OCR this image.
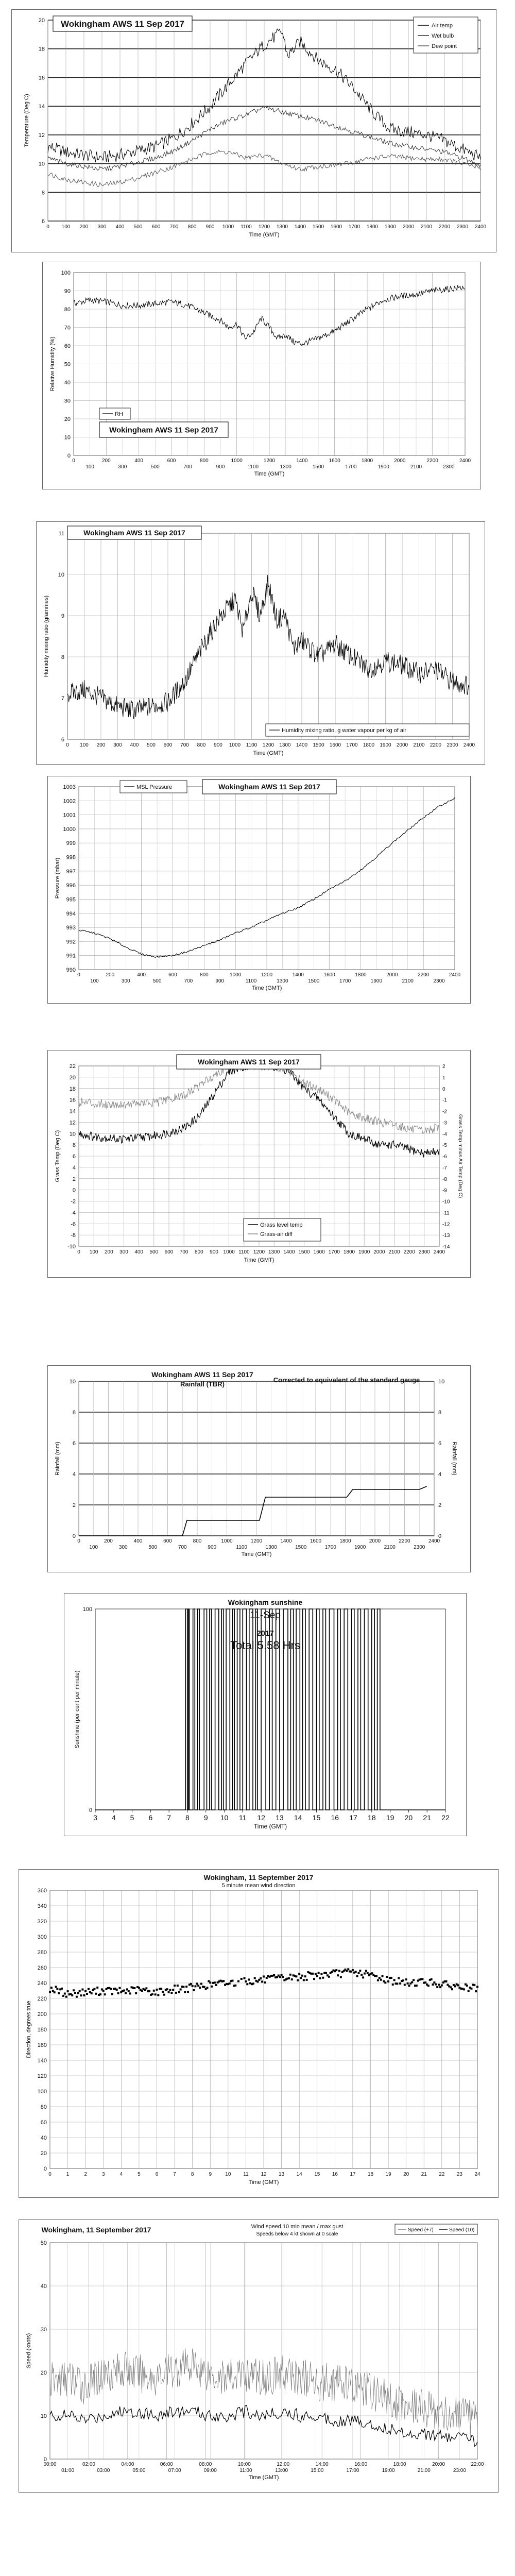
6
8
10
12
14
16
18
20
0 100 200 300 400 500 600 700 800 900 1000 1100 1200 1300 1400 1500 1600 1700 1800 1900 2000 2100 2200 2300 2400
Time (GMT)
Temperature (Deg C)
Wokingham AWS 11 Sep 2017	Air temp
Wet bulb
Dew point
0
10
20
30
40
50
60
70
80
90
100
0	200	400	600	800	1000	1200	1400	1600	1800	2000	2200	2400
100	300	500	700	900	1100	1300	1500	1700	1900	2100	2300
Time (GMT)
Relative Humidity (%)
Wokingham AWS 11 Sep 2017
RH
6
7
8
9
10
11
0 100 200 300 400 500 600 700 800 900 1000 1100 1200 1300 1400 1500 1600 1700 1800 1900 2000 2100 2200 2300 2400
Time (GMT)
Humidity mixing ratio (grammes)
Wokingham AWS 11 Sep 2017
Humidity mixing ratio, g water vapour per kg of air
990
991
992
993
994
995
996
997
998
999
1000
1001
1002
1003
0	200	400	600	800	1000	1200	1400	1600	1800	2000	2200	2400
100	300	500	700	900	1100	1300	1500	1700	1900	2100	2300
Time (GMT)
Pressure (mbar)
MSL Pressure	Wokingham AWS 11 Sep 2017
-10
-8
-6
-4
-2
0
2
4
6
8
10
12
14
16
18
20
22
0 100 200 300 400 500 600 700 800 900 1000 1100 1200 1300 1400 1500 1600 1700 1800 1900 2000 2100 2200 2300 2400
Time (GMT)
Grass Temp (Deg C)
2
1
0
-1
-2
-3
-4
-5
-6
-7
-8
-9
-10
-11
-12
-13
-14
Grass Temp minus Air Temp (Deg C)
Wokingham AWS 11 Sep 2017
Grass level temp
Grass-air diff
0
2
4
6
8
10
0	200	400	600	800	1000	1200	1400	1600	1800	2000	2200	2400
100	300	500	700	900	1100	1300	1500	1700	1900	2100	2300
Time (GMT)
Rainfall (mm)
0
2
4
6
8
10
Rainfall (mm)
Wokingham AWS 11 Sep 2017
Rainfall (TBR)
Corrected to equivalent of the standard gauge
3 4 5 6 7 8 9 10 11 12 13 14 15 16 17 18 19 20 21 22
0
100
Time (GMT)
Sunshine (per cent per minute)
Wokingham sunshine
11-Sep
2017
Total 5.58 Hrs
0
20
40
60
80
100
120
140
160
180
200
220
240
260
280
300
320
340
360
0	1	2	3	4	5	6	7	8	9	10 11 12 13 14 15 16 17 18 19 20 21 22 23 24
Time (GMT)
Direction, degrees true
Wokingham, 11 September 2017
5 minute mean wind direction
0
10
20
30
40
50
00:00	02:00	04:00	06:00	08:00	10:00	12:00	14:00	16:00	18:00	20:00	22:00
01:00	03:00	05:00	07:00	09:00	11:00	13:00	15:00	17:00	19:00	21:00	23:00
Time (GMT)
Speed (knots)
Wokingham, 11 September 2017	Wind speed,10 min mean / max gust
Speeds below 4 kt shown at 0 scale
Speed (+7)	Speed (10)
